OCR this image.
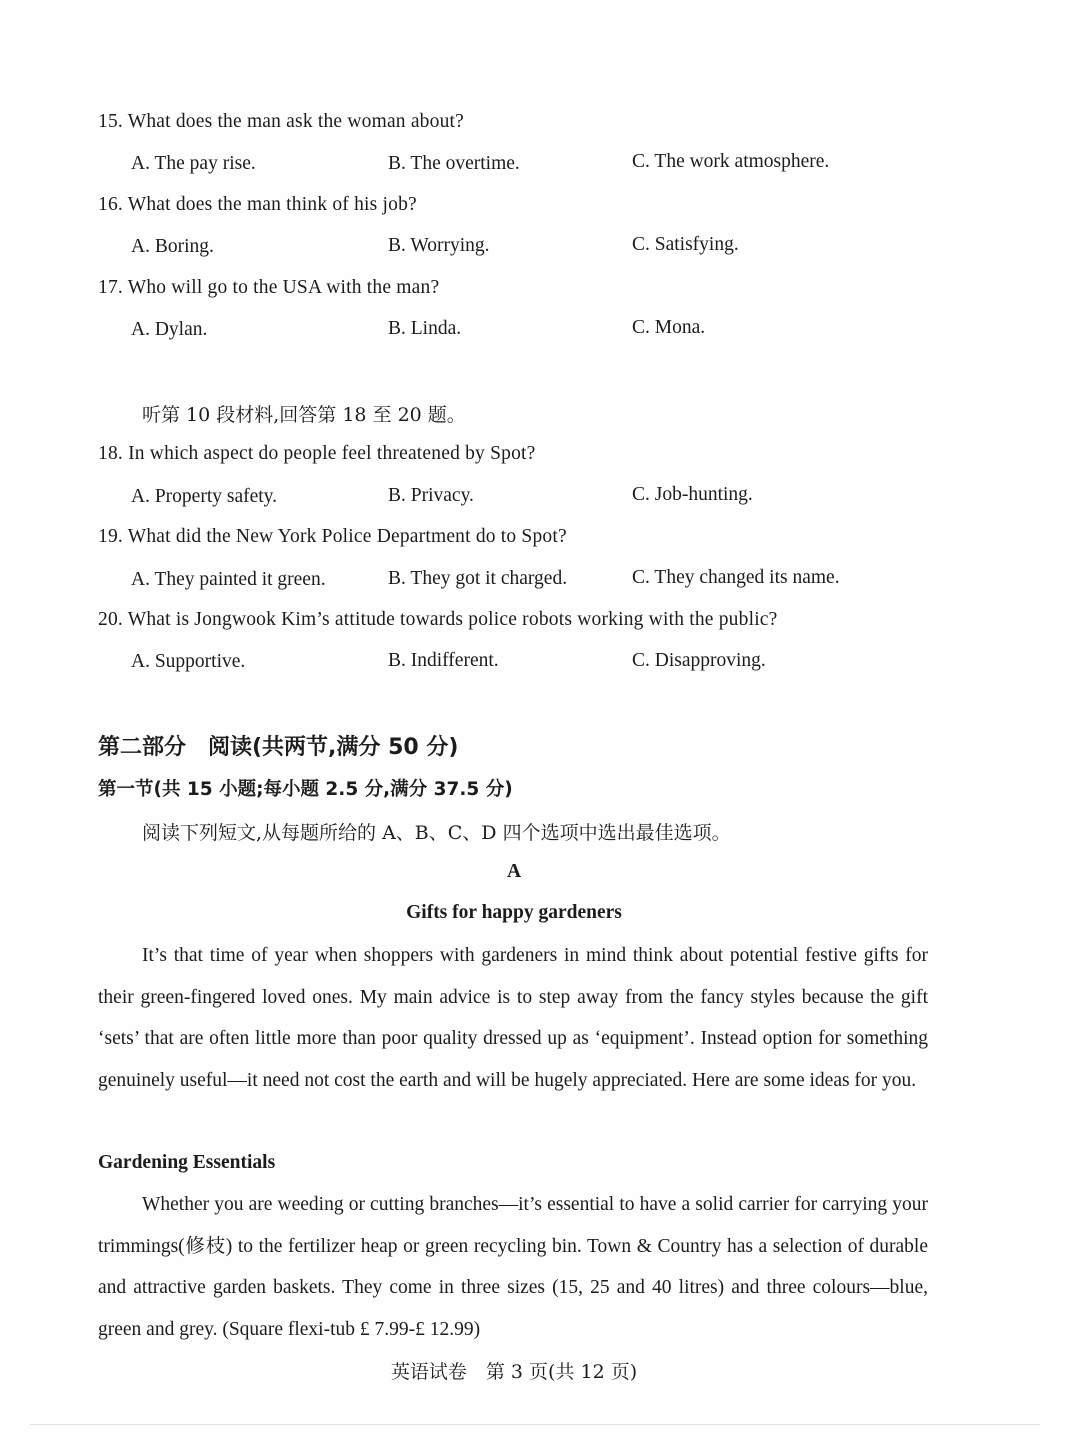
15. What does the man ask the woman about?
A. The pay rise.	B. The overtime.	C. The work atmosphere.
16. What does the man think of his job?
A. Boring.	B. Worrying.	C. Satisfying.
17. Who will go to the USA with the man?
A. Dylan.	B. Linda.	C. Mona.
听第 10 段材料,回答第 18 至 20 题。
18. In which aspect do people feel threatened by Spot?
A. Property safety.	B. Privacy.	C. Job-hunting.
19. What did the New York Police Department do to Spot?
A. They painted it green.	B. They got it charged.	C. They changed its name.
20. What is Jongwook Kim’s attitude towards police robots working with the public?
A. Supportive.	B. Indifferent.	C. Disapproving.
第二部分　阅读(共两节,满分 50 分)
第一节(共 15 小题;每小题 2.5 分,满分 37.5 分)
阅读下列短文,从每题所给的 A、B、C、D 四个选项中选出最佳选项。
A
Gifts for happy gardeners

It’s that time of year when shoppers with gardeners in mind think about potential festive gifts for their green-fingered loved ones. My main advice is to step away from the fancy styles because the gift ‘sets’ that are often little more than poor quality dressed up as ‘equipment’. Instead option for something genuinely useful—it need not cost the earth and will be hugely appreciated. Here are some ideas for you.

Gardening Essentials

Whether you are weeding or cutting branches—it’s essential to have a solid carrier for carrying your trimmings(修枝) to the fertilizer heap or green recycling bin. Town & Country has a selection of durable and attractive garden baskets. They come in three sizes (15, 25 and 40 litres) and three colours—blue, green and grey. (Square flexi-tub £ 7.99-£ 12.99)

英语试卷　第 3 页(共 12 页)
